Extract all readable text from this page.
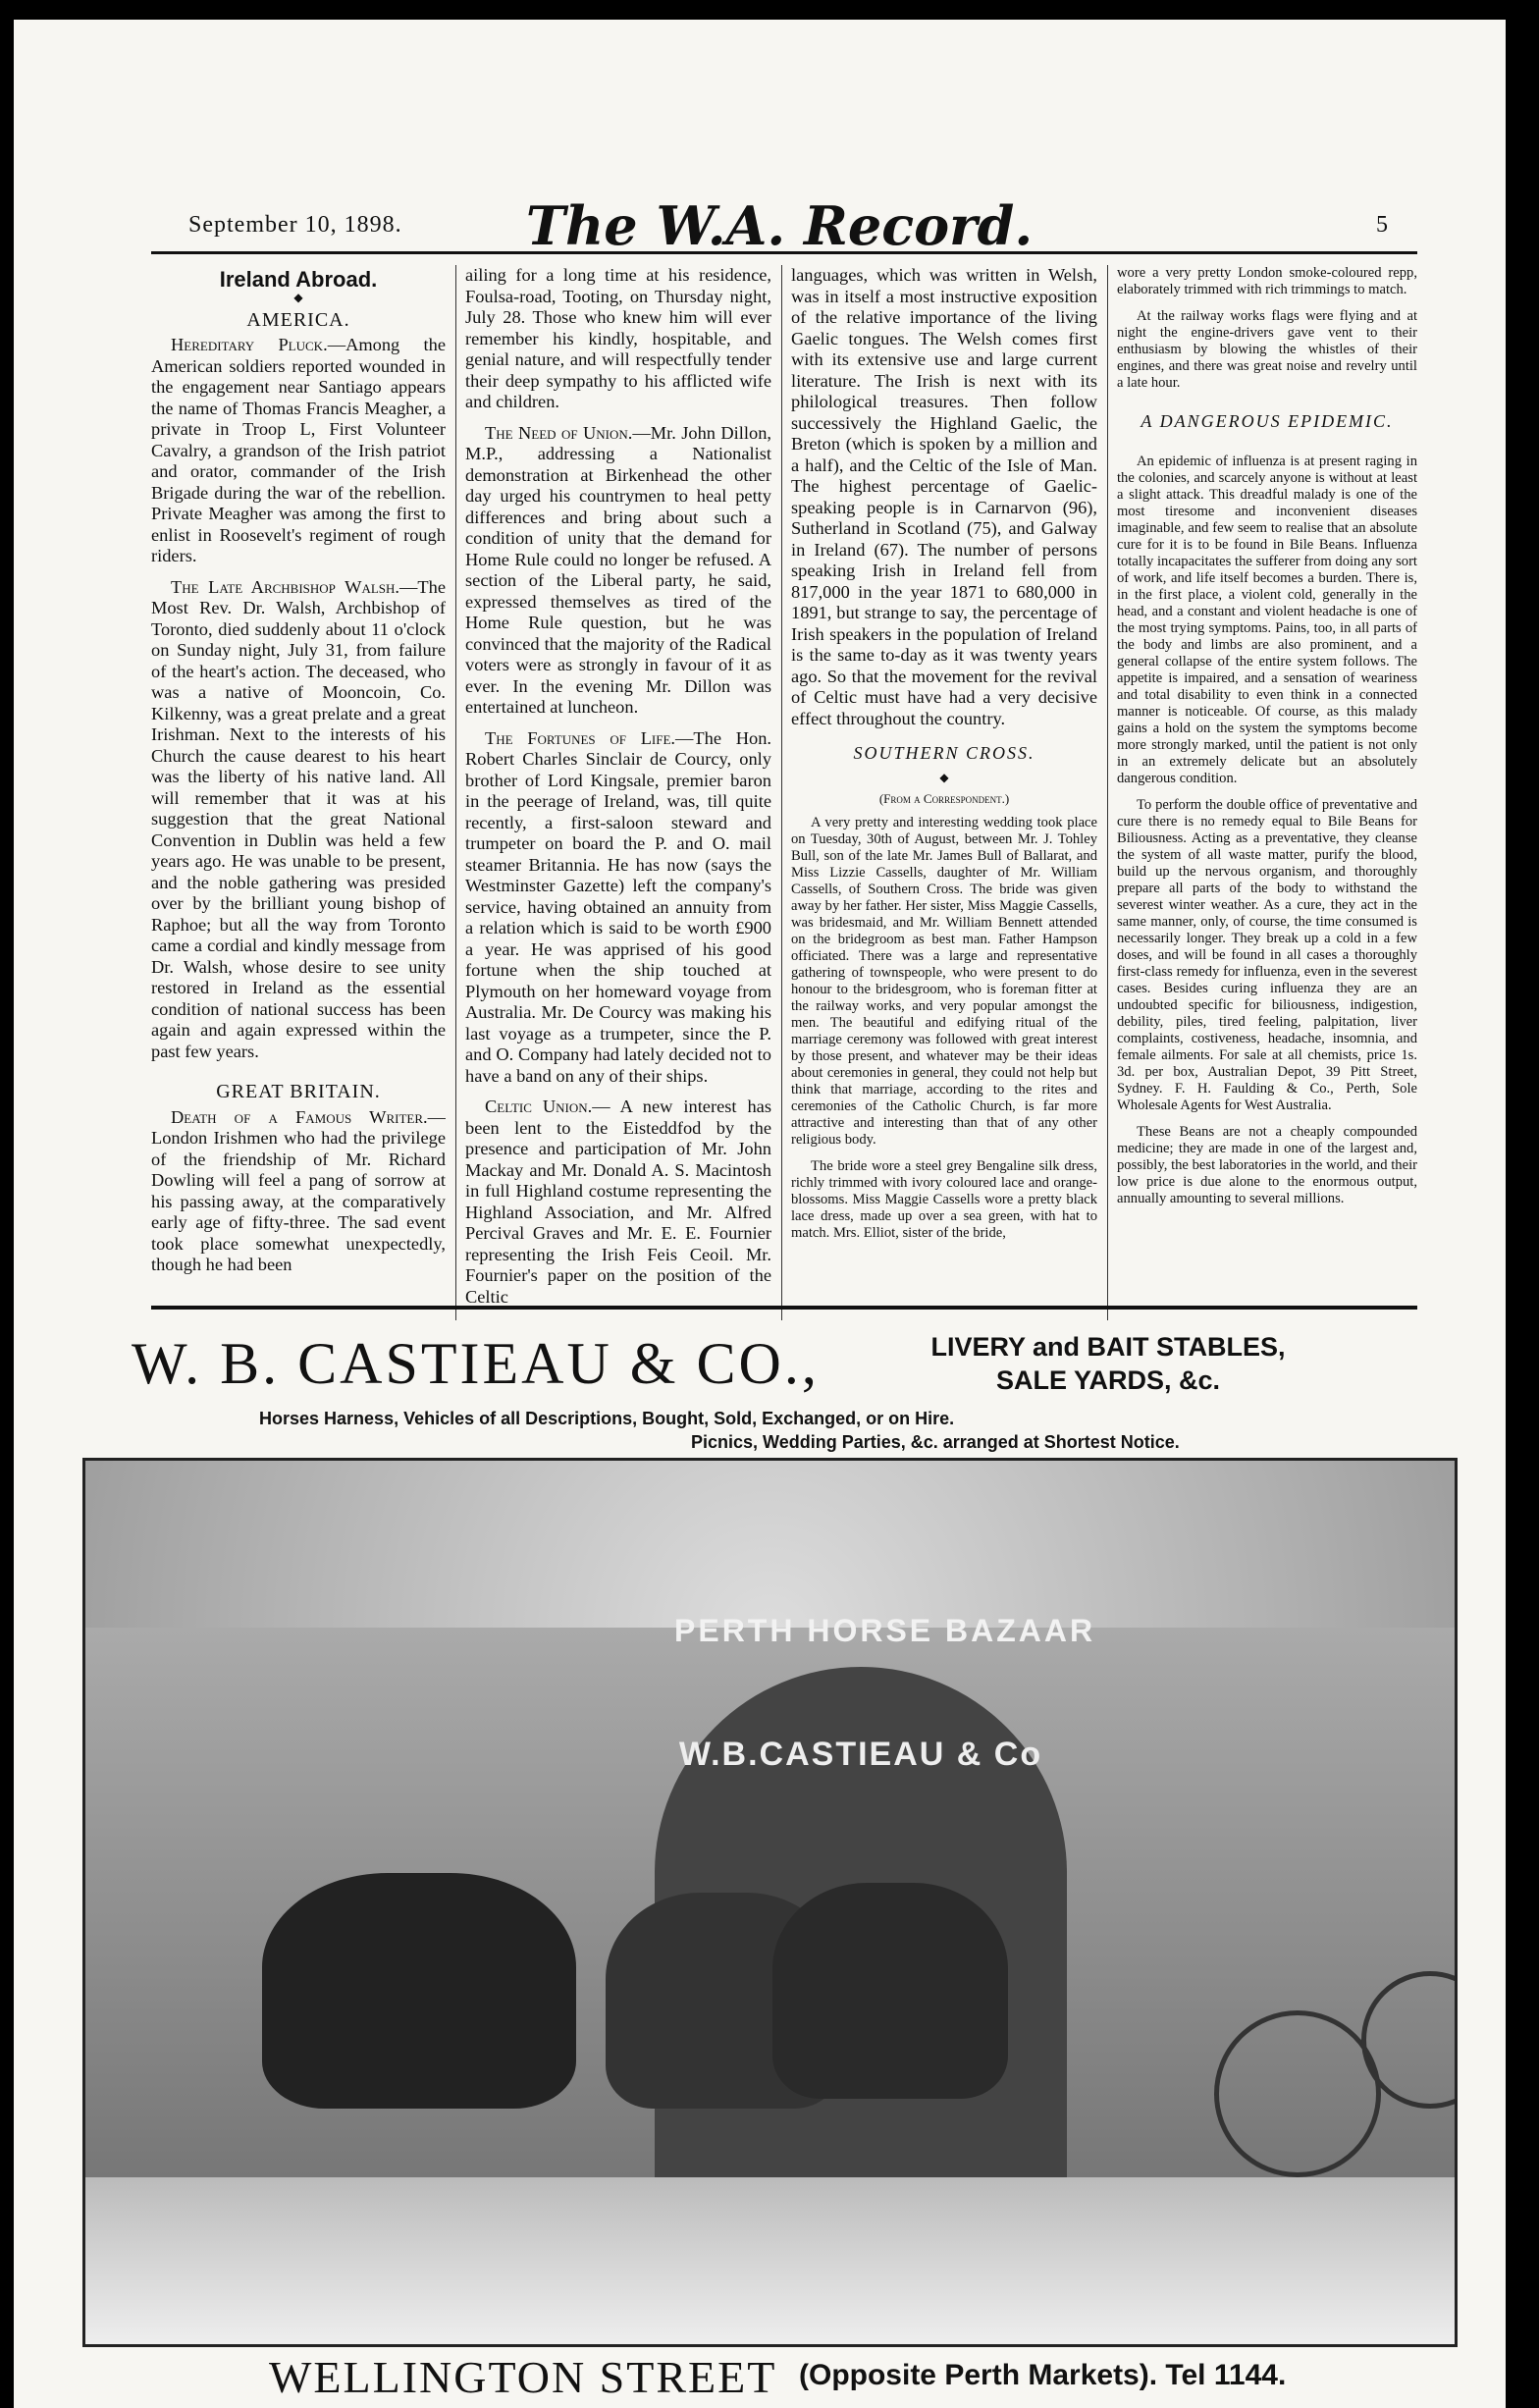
September 10, 1898.	The W.A. Record.	5
Ireland Abroad.
◆
AMERICA.

Hereditary Pluck.—Among the American soldiers reported wounded in the engagement near Santiago appears the name of Thomas Francis Meagher, a private in Troop L, First Volunteer Cavalry, a grandson of the Irish patriot and orator, commander of the Irish Brigade during the war of the rebellion. Private Meagher was among the first to enlist in Roosevelt's regiment of rough riders.

The Late Archbishop Walsh.—The Most Rev. Dr. Walsh, Archbishop of Toronto, died suddenly about 11 o'clock on Sunday night, July 31, from failure of the heart's action. The deceased, who was a native of Mooncoin, Co. Kilkenny, was a great prelate and a great Irishman. Next to the interests of his Church the cause dearest to his heart was the liberty of his native land. All will remember that it was at his suggestion that the great National Convention in Dublin was held a few years ago. He was unable to be present, and the noble gathering was presided over by the brilliant young bishop of Raphoe; but all the way from Toronto came a cordial and kindly message from Dr. Walsh, whose desire to see unity restored in Ireland as the essential condition of national success has been again and again expressed within the past few years.

GREAT BRITAIN.

Death of a Famous Writer.—London Irishmen who had the privilege of the friendship of Mr. Richard Dowling will feel a pang of sorrow at his passing away, at the comparatively early age of fifty-three. The sad event took place somewhat unexpectedly, though he had been

ailing for a long time at his residence, Foulsa-road, Tooting, on Thursday night, July 28. Those who knew him will ever remember his kindly, hospitable, and genial nature, and will respectfully tender their deep sympathy to his afflicted wife and children.

The Need of Union.—Mr. John Dillon, M.P., addressing a Nationalist demonstration at Birkenhead the other day urged his countrymen to heal petty differences and bring about such a condition of unity that the demand for Home Rule could no longer be refused. A section of the Liberal party, he said, expressed themselves as tired of the Home Rule question, but he was convinced that the majority of the Radical voters were as strongly in favour of it as ever. In the evening Mr. Dillon was entertained at luncheon.

The Fortunes of Life.—The Hon. Robert Charles Sinclair de Courcy, only brother of Lord Kingsale, premier baron in the peerage of Ireland, was, till quite recently, a first-saloon steward and trumpeter on board the P. and O. mail steamer Britannia. He has now (says the Westminster Gazette) left the company's service, having obtained an annuity from a relation which is said to be worth £900 a year. He was apprised of his good fortune when the ship touched at Plymouth on her homeward voyage from Australia. Mr. De Courcy was making his last voyage as a trumpeter, since the P. and O. Company had lately decided not to have a band on any of their ships.

Celtic Union.— A new interest has been lent to the Eisteddfod by the presence and participation of Mr. John Mackay and Mr. Donald A. S. Macintosh in full Highland costume representing the Highland Association, and Mr. Alfred Percival Graves and Mr. E. E. Fournier representing the Irish Feis Ceoil. Mr. Fournier's paper on the position of the Celtic

languages, which was written in Welsh, was in itself a most instructive exposition of the relative importance of the living Gaelic tongues. The Welsh comes first with its extensive use and large current literature. The Irish is next with its philological treasures. Then follow successively the Highland Gaelic, the Breton (which is spoken by a million and a half), and the Celtic of the Isle of Man. The highest percentage of Gaelic-speaking people is in Carnarvon (96), Sutherland in Scotland (75), and Galway in Ireland (67). The number of persons speaking Irish in Ireland fell from 817,000 in the year 1871 to 680,000 in 1891, but strange to say, the percentage of Irish speakers in the population of Ireland is the same to-day as it was twenty years ago. So that the movement for the revival of Celtic must have had a very decisive effect throughout the country.

SOUTHERN CROSS.
◆
(From a Correspondent.)

A very pretty and interesting wedding took place on Tuesday, 30th of August, between Mr. J. Tohley Bull, son of the late Mr. James Bull of Ballarat, and Miss Lizzie Cassells, daughter of Mr. William Cassells, of Southern Cross. The bride was given away by her father. Her sister, Miss Maggie Cassells, was bridesmaid, and Mr. William Bennett attended on the bridegroom as best man. Father Hampson officiated. There was a large and representative gathering of townspeople, who were present to do honour to the bridesgroom, who is foreman fitter at the railway works, and very popular amongst the men. The beautiful and edifying ritual of the marriage ceremony was followed with great interest by those present, and whatever may be their ideas about ceremonies in general, they could not help but think that marriage, according to the rites and ceremonies of the Catholic Church, is far more attractive and interesting than that of any other religious body.

The bride wore a steel grey Bengaline silk dress, richly trimmed with ivory coloured lace and orange-blossoms. Miss Maggie Cassells wore a pretty black lace dress, made up over a sea green, with hat to match. Mrs. Elliot, sister of the bride,

wore a very pretty London smoke-coloured repp, elaborately trimmed with rich trimmings to match.

At the railway works flags were flying and at night the engine-drivers gave vent to their enthusiasm by blowing the whistles of their engines, and there was great noise and revelry until a late hour.

A DANGEROUS EPIDEMIC.

An epidemic of influenza is at present raging in the colonies, and scarcely anyone is without at least a slight attack. This dreadful malady is one of the most tiresome and inconvenient diseases imaginable, and few seem to realise that an absolute cure for it is to be found in Bile Beans. Influenza totally incapacitates the sufferer from doing any sort of work, and life itself becomes a burden. There is, in the first place, a violent cold, generally in the head, and a constant and violent headache is one of the most trying symptoms. Pains, too, in all parts of the body and limbs are also prominent, and a general collapse of the entire system follows. The appetite is impaired, and a sensation of weariness and total disability to even think in a connected manner is noticeable. Of course, as this malady gains a hold on the system the symptoms become more strongly marked, until the patient is not only in an extremely delicate but an absolutely dangerous condition.

To perform the double office of preventative and cure there is no remedy equal to Bile Beans for Biliousness. Acting as a preventative, they cleanse the system of all waste matter, purify the blood, build up the nervous organism, and thoroughly prepare all parts of the body to withstand the severest winter weather. As a cure, they act in the same manner, only, of course, the time consumed is necessarily longer. They break up a cold in a few doses, and will be found in all cases a thoroughly first-class remedy for influenza, even in the severest cases. Besides curing influenza they are an undoubted specific for biliousness, indigestion, debility, piles, tired feeling, palpitation, liver complaints, costiveness, headache, insomnia, and female ailments. For sale at all chemists, price 1s. 3d. per box, Australian Depot, 39 Pitt Street, Sydney. F. H. Faulding & Co., Perth, Sole Wholesale Agents for West Australia.

These Beans are not a cheaply compounded medicine; they are made in one of the largest and, possibly, the best laboratories in the world, and their low price is due alone to the enormous output, annually amounting to several millions.

W. B. CASTIEAU & CO.,	LIVERY and BAIT STABLES,
SALE YARDS, &c.
Horses Harness, Vehicles of all Descriptions, Bought, Sold, Exchanged, or on Hire.
Picnics, Wedding Parties, &c. arranged at Shortest Notice.
PERTH HORSE BAZAAR
W.B.CASTIEAU & Co
WELLINGTON STREET (Opposite Perth Markets). Tel 1144.
